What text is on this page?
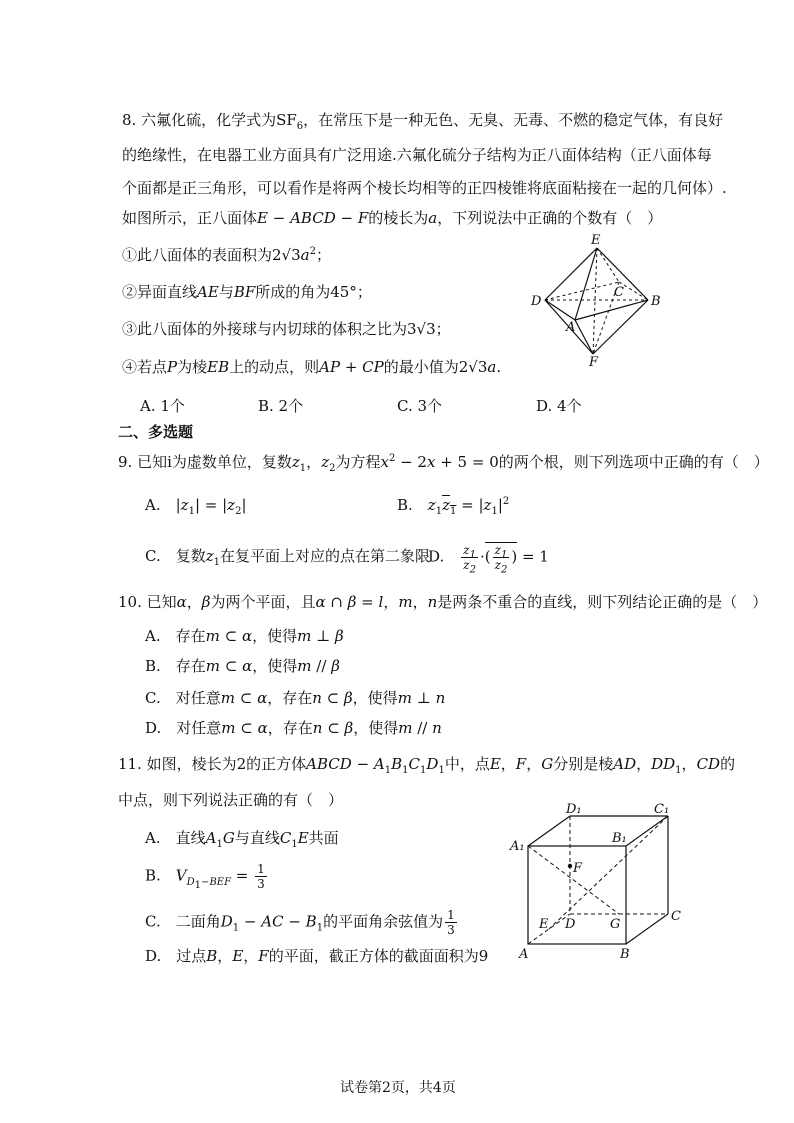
8. 六氟化硫，化学式为$SF_6$，在常压下是一种无色、无臭、无毒、不燃的稳定气体，有良好
的绝缘性，在电器工业方面具有广泛用途.六氟化硫分子结构为正八面体结构（正八面体每
个面都是正三角形，可以看作是将两个棱长均相等的正四棱锥将底面粘接在一起的几何体）.
如图所示，正八面体E − ABCD − F的棱长为a，下列说法中正确的个数有（　）
①此八面体的表面积为$2√3a^2$；
②异面直线AE与BF所成的角为45°；
③此八面体的外接球与内切球的体积之比为3√3；
④若点P为棱EB上的动点，则AP + CP的最小值为2√3a.
A. 1个	B. 2个	C. 3个	D. 4个
E
D
C
B
A
F
二、多选题
9. 已知i为虚数单位，复数$z_1$，$z_2$为方程$x^2 - 2x + 5 = 0$的两个根，则下列选项中正确的有（　）
A.　$|z_1| = |z_2|$	B.　$z_1z_1 = |z_1|^2$
C.　复数$z_1$在复平面上对应的点在第二象限
D.　 $\frac{z_1}{z_2}$ ·( $\frac{z_1}{z_2}$ ) = 1
10. 已知α，β为两个平面，且α ∩ β = l，m，n是两条不重合的直线，则下列结论正确的是（　）
A.　存在m ⊂ α，使得m ⊥ β
B.　存在m ⊂ α，使得m // β
C.　对任意m ⊂ α，存在n ⊂ β，使得m ⊥ n
D.　对任意m ⊂ α，存在n ⊂ β，使得m // n
11. 如图，棱长为2的正方体ABCD − $A_1B_1C_1D_1$中，点E，F，G分别是棱AD，$DD_1$，CD的
中点，则下列说法正确的有（　）
A.　直线$A_1G$与直线$C_1E$共面
B.　$V_{D_1-BEF} = \frac{1}{3}$
C.　二面角$D_1$ − AC − $B_1$的平面角余弦值为 $\frac{1}{3}$
D.　过点B，E，F的平面，截正方体的截面面积为9
D₁	C₁
A₁
B₁
F
E D	G
C
A	B
试卷第2页，共4页
